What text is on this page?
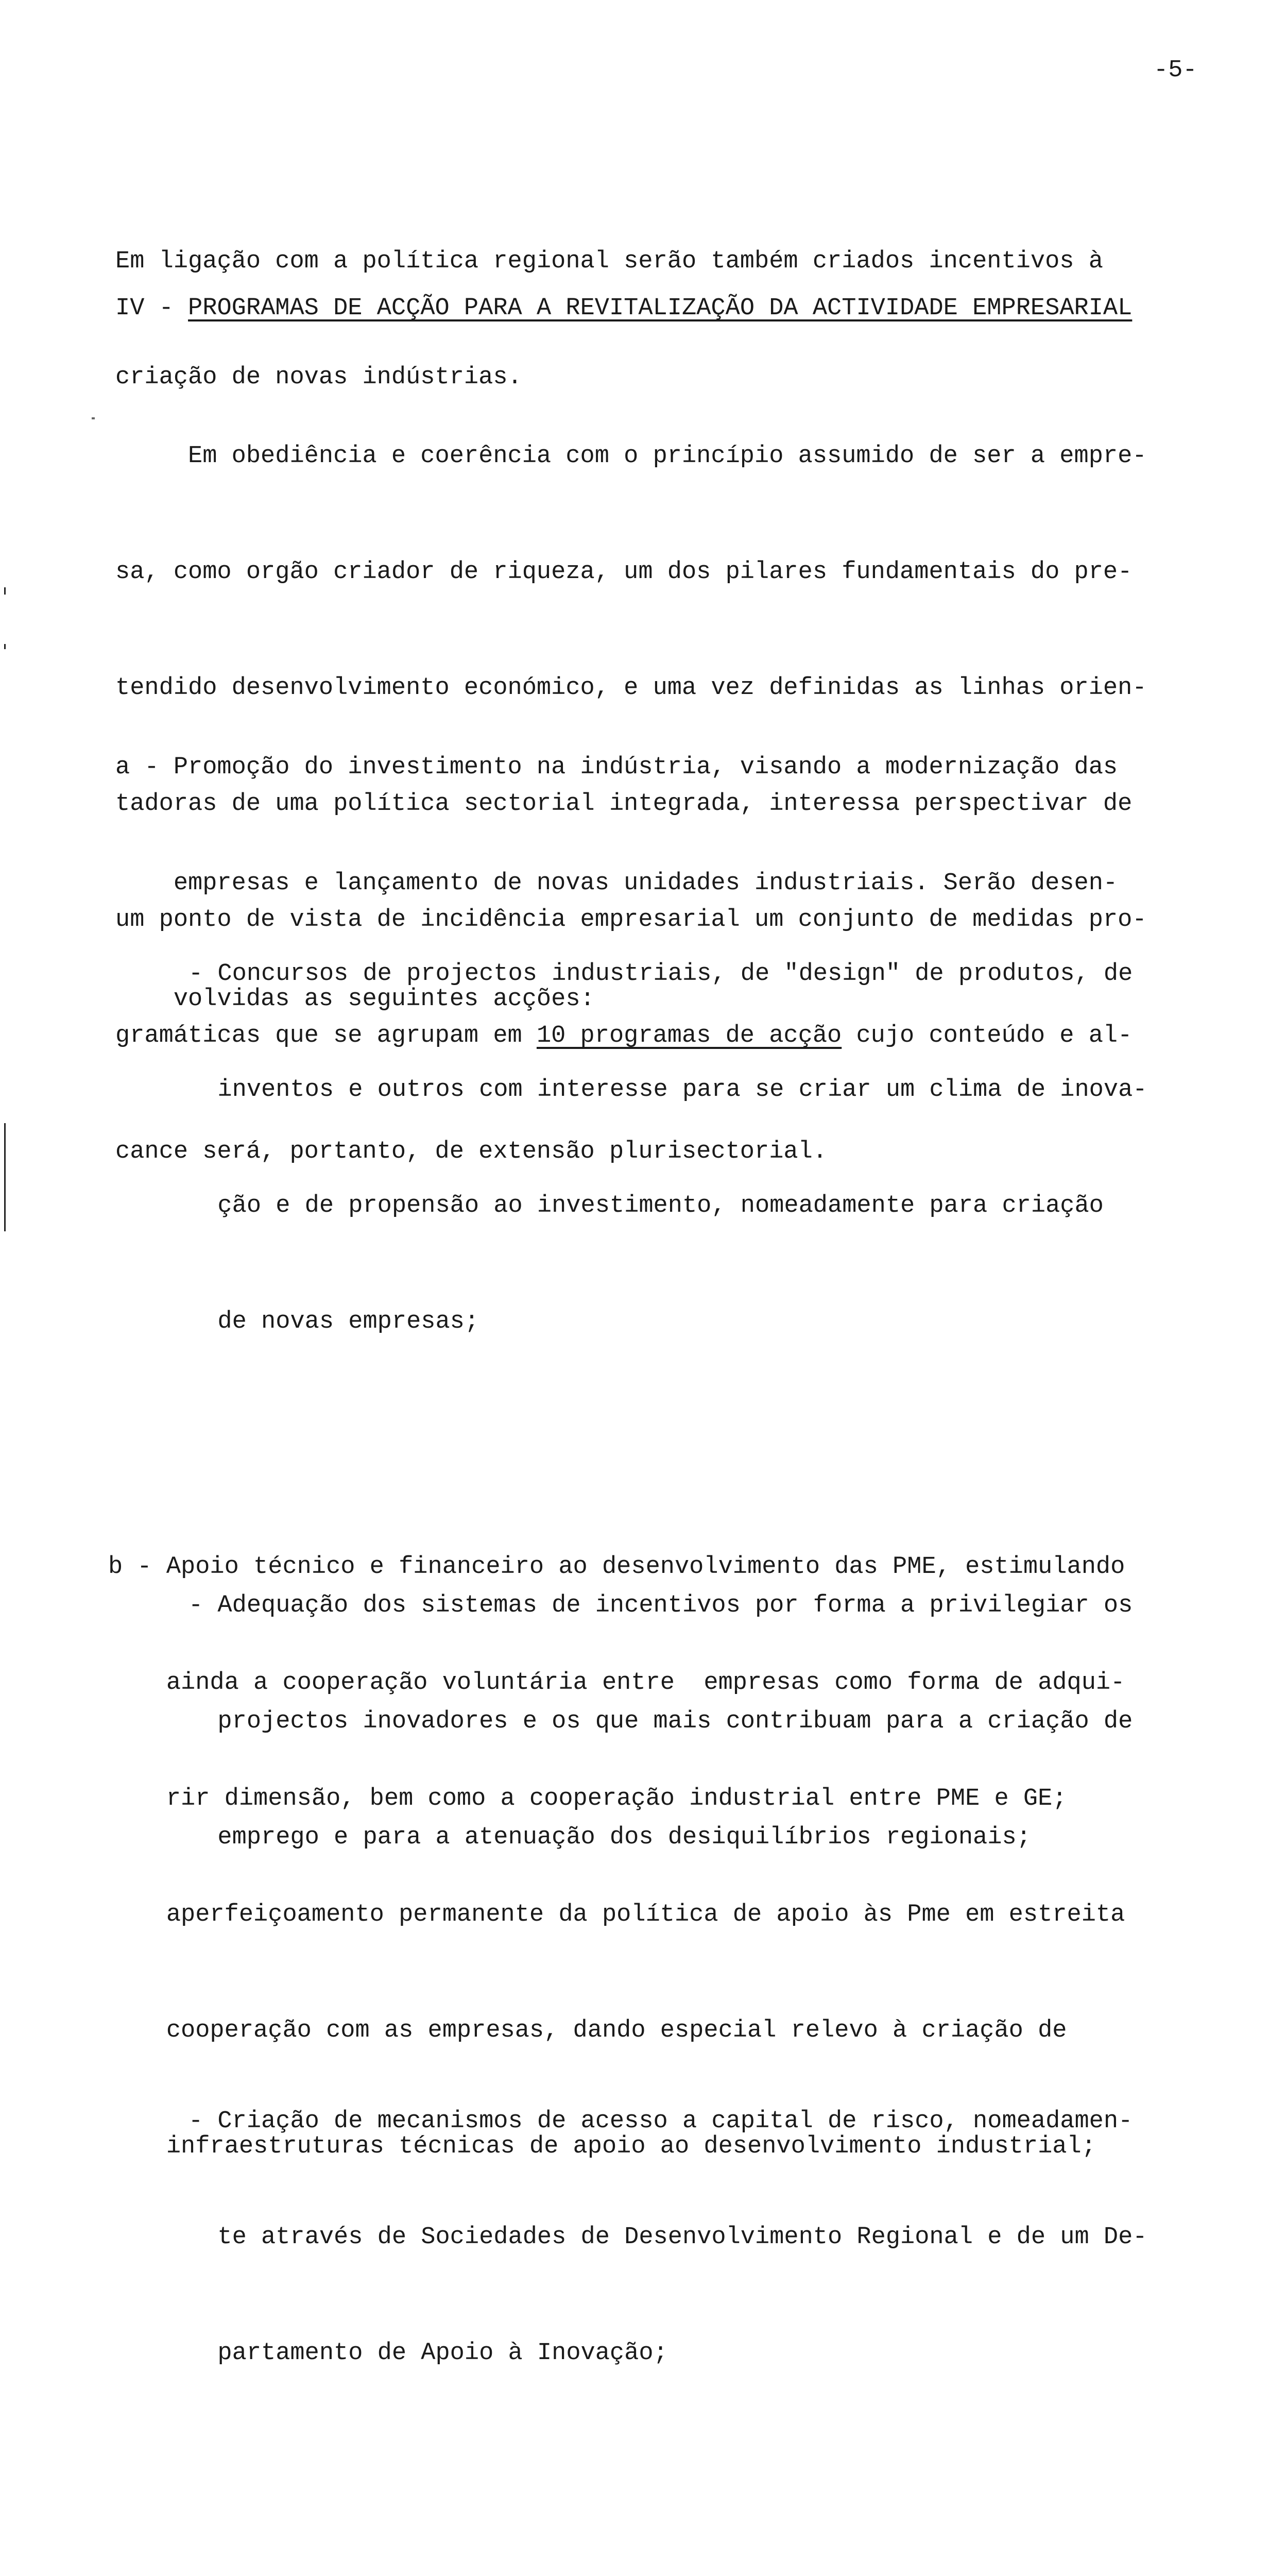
-5-

Em ligação com a política regional serão também criados incentivos à

criação de novas indústrias.

IV - PROGRAMAS DE ACÇÃO PARA A REVITALIZAÇÃO DA ACTIVIDADE EMPRESARIAL

Em obediência e coerência com o princípio assumido de ser a empre-

sa, como orgão criador de riqueza, um dos pilares fundamentais do pre-

tendido desenvolvimento económico, e uma vez definidas as linhas orien-

tadoras de uma política sectorial integrada, interessa perspectivar de

um ponto de vista de incidência empresarial um conjunto de medidas pro-

gramáticas que se agrupam em 10 programas de acção cujo conteúdo e al-

cance será, portanto, de extensão plurisectorial.

a - Promoção do investimento na indústria, visando a modernização das

empresas e lançamento de novas unidades industriais. Serão desen-

volvidas as seguintes acções:

- Concursos de projectos industriais, de "design" de produtos, de

inventos e outros com interesse para se criar um clima de inova-

ção e de propensão ao investimento, nomeadamente para criação

de novas empresas;

- Adequação dos sistemas de incentivos por forma a privilegiar os

projectos inovadores e os que mais contribuam para a criação de

emprego e para a atenuação dos desiquilíbrios regionais;

- Criação de mecanismos de acesso a capital de risco, nomeadamen-

te através de Sociedades de Desenvolvimento Regional e de um De-

partamento de Apoio à Inovação;

b - Apoio técnico e financeiro ao desenvolvimento das PME, estimulando

ainda a cooperação voluntária entre  empresas como forma de adqui-

rir dimensão, bem como a cooperação industrial entre PME e GE;

aperfeiçoamento permanente da política de apoio às Pme em estreita

cooperação com as empresas, dando especial relevo à criação de

infraestruturas técnicas de apoio ao desenvolvimento industrial;
